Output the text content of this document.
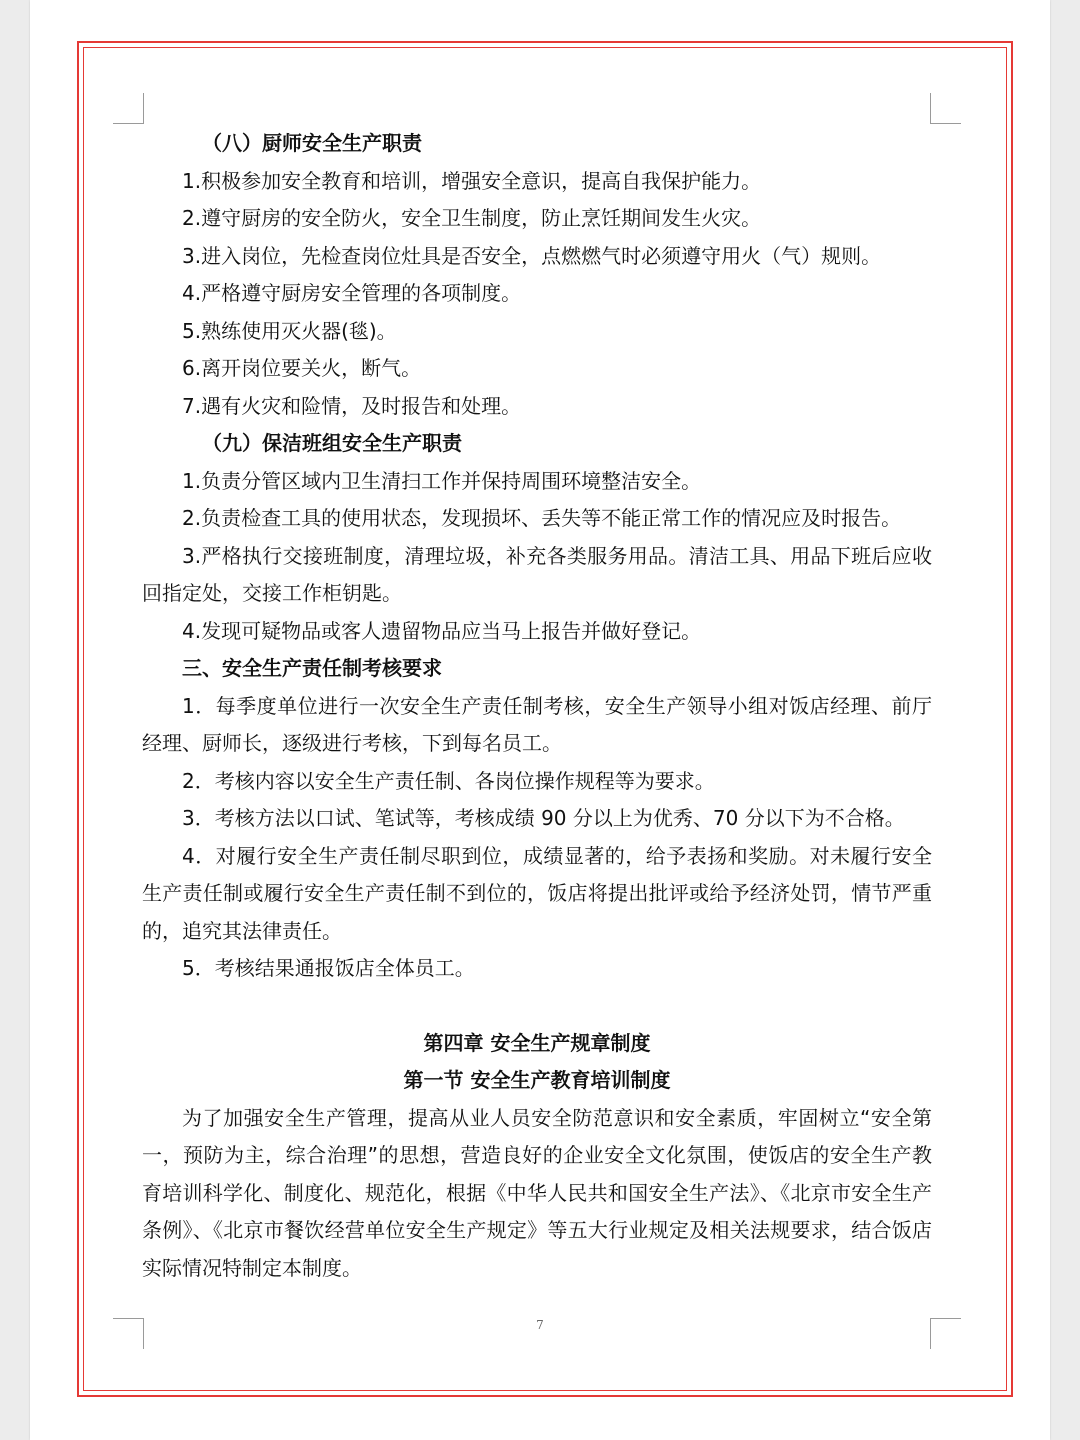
（八）厨师安全生产职责

1.积极参加安全教育和培训，增强安全意识，提高自我保护能力。

2.遵守厨房的安全防火，安全卫生制度，防止烹饪期间发生火灾。

3.进入岗位，先检查岗位灶具是否安全，点燃燃气时必须遵守用火（气）规则。

4.严格遵守厨房安全管理的各项制度。

5.熟练使用灭火器(毯)。

6.离开岗位要关火，断气。

7.遇有火灾和险情，及时报告和处理。

（九）保洁班组安全生产职责

1.负责分管区域内卫生清扫工作并保持周围环境整洁安全。

2.负责检查工具的使用状态，发现损坏、丢失等不能正常工作的情况应及时报告。

3.严格执行交接班制度，清理垃圾，补充各类服务用品。清洁工具、用品下班后应收回指定处，交接工作柜钥匙。

4.发现可疑物品或客人遗留物品应当马上报告并做好登记。

三、安全生产责任制考核要求

1．每季度单位进行一次安全生产责任制考核，安全生产领导小组对饭店经理、前厅经理、厨师长，逐级进行考核，下到每名员工。

2．考核内容以安全生产责任制、各岗位操作规程等为要求。

3．考核方法以口试、笔试等，考核成绩 90 分以上为优秀、70 分以下为不合格。

4．对履行安全生产责任制尽职到位，成绩显著的，给予表扬和奖励。对未履行安全生产责任制或履行安全生产责任制不到位的，饭店将提出批评或给予经济处罚，情节严重的，追究其法律责任。

5．考核结果通报饭店全体员工。

第四章 安全生产规章制度

第一节 安全生产教育培训制度

为了加强安全生产管理，提高从业人员安全防范意识和安全素质，牢固树立“安全第一，预防为主，综合治理”的思想，营造良好的企业安全文化氛围，使饭店的安全生产教育培训科学化、制度化、规范化，根据《中华人民共和国安全生产法》、《北京市安全生产条例》、《北京市餐饮经营单位安全生产规定》等五大行业规定及相关法规要求，结合饭店实际情况特制定本制度。

7
